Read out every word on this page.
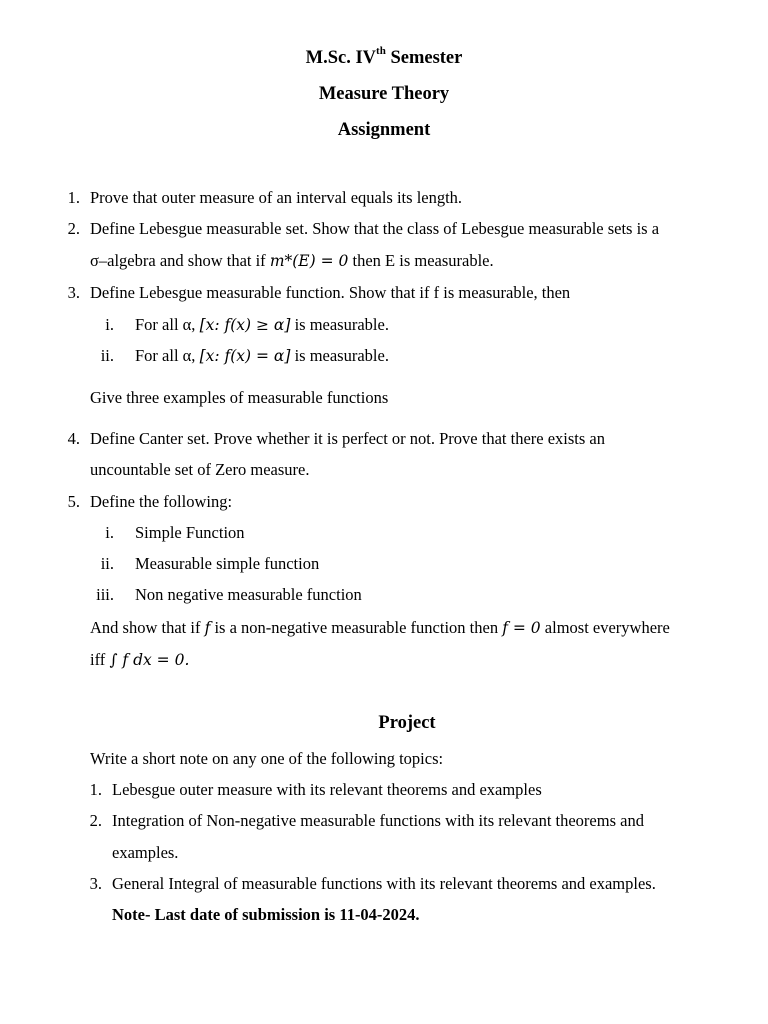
M.Sc. IVth Semester
Measure Theory
Assignment
1. Prove that outer measure of an interval equals its length.
2. Define Lebesgue measurable set. Show that the class of Lebesgue measurable sets is a
σ–algebra and show that if m*(E) = 0 then E is measurable.
3. Define Lebesgue measurable function. Show that if f is measurable, then
i. For all α, [x: f(x) ≥ α] is measurable.
ii. For all α, [x: f(x) = α] is measurable.
Give three examples of measurable functions
4. Define Canter set. Prove whether it is perfect or not. Prove that there exists an
uncountable set of Zero measure.
5. Define the following:
i. Simple Function
ii. Measurable simple function
iii. Non negative measurable function
And show that if f is a non-negative measurable function then f = 0 almost everywhere
iff ∫ f dx = 0.
Project
Write a short note on any one of the following topics:
1. Lebesgue outer measure with its relevant theorems and examples
2. Integration of Non-negative measurable functions with its relevant theorems and
examples.
3. General Integral of measurable functions with its relevant theorems and examples.
Note- Last date of submission is 11-04-2024.
